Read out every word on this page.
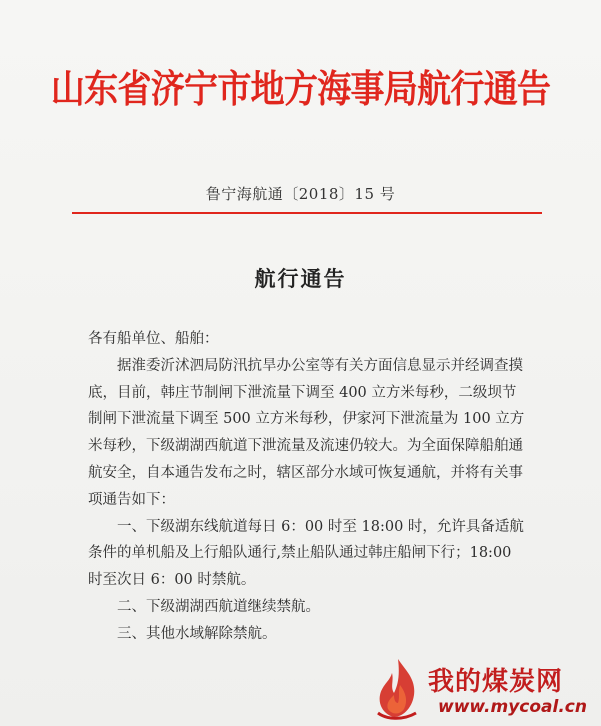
山东省济宁市地方海事局航行通告
鲁宁海航通〔2018〕15 号
航行通告

各有船单位、船舶：

据淮委沂沭泗局防汛抗旱办公室等有关方面信息显示并经调查摸底，目前，韩庄节制闸下泄流量下调至 400 立方米每秒，二级坝节制闸下泄流量下调至 500 立方米每秒，伊家河下泄流量为 100 立方米每秒，下级湖湖西航道下泄流量及流速仍较大。为全面保障船舶通航安全，自本通告发布之时，辖区部分水域可恢复通航，并将有关事项通告如下：

一、下级湖东线航道每日 6：00 时至 18:00 时，允许具备适航条件的单机船及上行船队通行,禁止船队通过韩庄船闸下行；18:00 时至次日 6：00 时禁航。

二、下级湖湖西航道继续禁航。

三、其他水域解除禁航。

我的煤炭网
www.mycoal.cn
